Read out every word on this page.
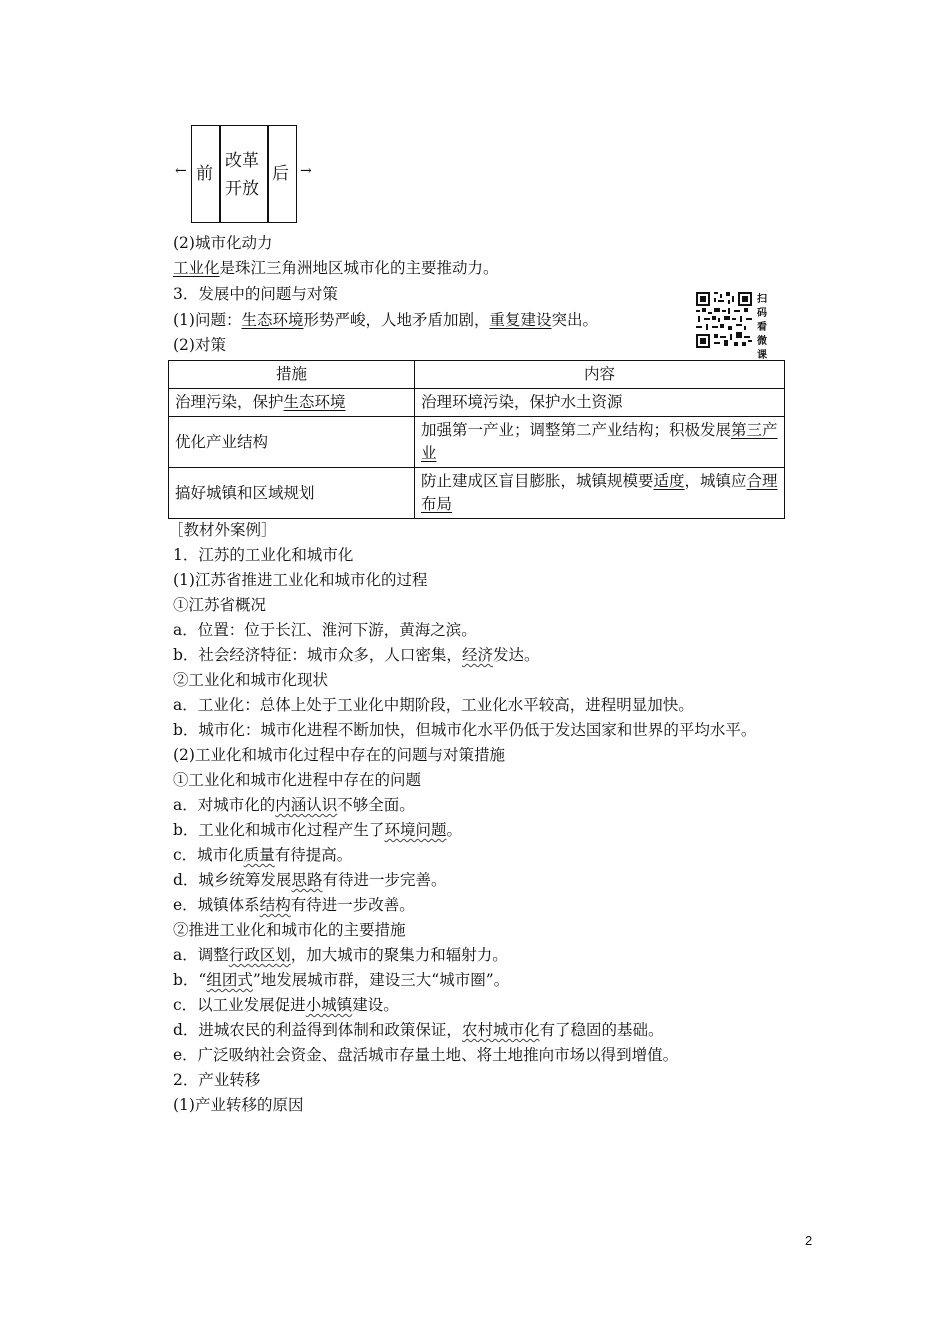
← 前
改革
开放
后 →
(2)城市化动力
工业化是珠江三角洲地区城市化的主要推动力。
3．发展中的问题与对策
(1)问题：生态环境形势严峻，人地矛盾加剧，重复建设突出。
(2)对策
扫码看微课
措施	内容
治理污染，保护生态环境	治理环境污染，保护水土资源
优化产业结构	加强第一产业；调整第二产业结构；积极发展第三产业
搞好城镇和区域规划	防止建成区盲目膨胀，城镇规模要适度，城镇应合理布局
［教材外案例］
1．江苏的工业化和城市化
(1)江苏省推进工业化和城市化的过程
①江苏省概况
a．位置：位于长江、淮河下游，黄海之滨。
b．社会经济特征：城市众多，人口密集，经济发达。
②工业化和城市化现状
a．工业化：总体上处于工业化中期阶段，工业化水平较高，进程明显加快。
b．城市化：城市化进程不断加快，但城市化水平仍低于发达国家和世界的平均水平。
(2)工业化和城市化过程中存在的问题与对策措施
①工业化和城市化进程中存在的问题
a．对城市化的内涵认识不够全面。
b．工业化和城市化过程产生了环境问题。
c．城市化质量有待提高。
d．城乡统筹发展思路有待进一步完善。
e．城镇体系结构有待进一步改善。
②推进工业化和城市化的主要措施
a．调整行政区划，加大城市的聚集力和辐射力。
b．“组团式”地发展城市群，建设三大“城市圈”。
c．以工业发展促进小城镇建设。
d．进城农民的利益得到体制和政策保证，农村城市化有了稳固的基础。
e．广泛吸纳社会资金、盘活城市存量土地、将土地推向市场以得到增值。
2．产业转移
(1)产业转移的原因
2
